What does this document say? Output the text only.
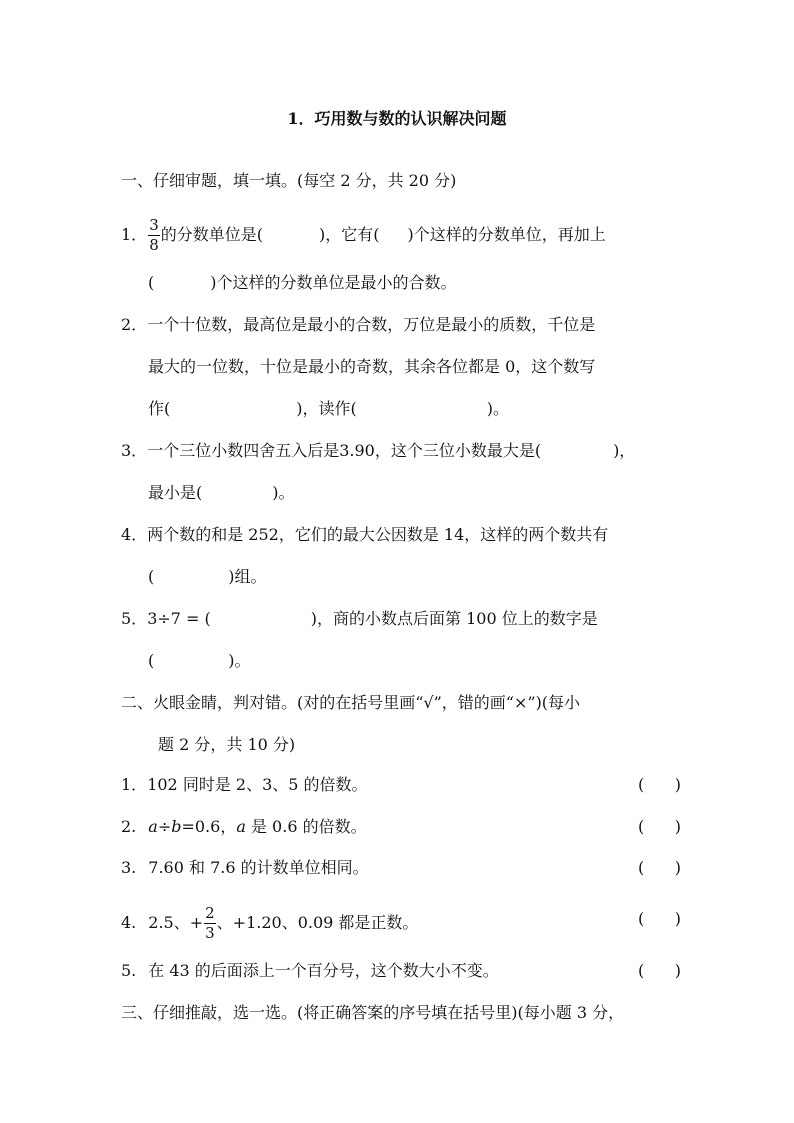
1．巧用数与数的认识解决问题
一、仔细审题，填一填。(每空 2 分，共 20 分)
1． $\frac{3}{8}$ 的分数单位是(	)，它有( )个这样的分数单位，再加上
(	)个这样的分数单位是最小的合数。
2．一个十位数，最高位是最小的合数，万位是最小的质数，千位是
最大的一位数，十位是最小的奇数，其余各位都是 0，这个数写
作(	)，读作(	)。
3．一个三位小数四舍五入后是3.90，这个三位小数最大是(	)，
最小是(	)。
4．两个数的和是 252，它们的最大公因数是 14，这样的两个数共有
(	)组。
5．3÷7 = (	)，商的小数点后面第 100 位上的数字是
(	)。
二、火眼金睛，判对错。(对的在括号里画“√”，错的画“×”)(每小
题 2 分，共 10 分)
1．102 同时是 2、3、5 的倍数。	(      )
2. a÷b=0.6，a 是 0.6 的倍数。	(      )
3. 7.60 和 7.6 的计数单位相同。	(      )
4. 2.5、+ $\frac{2}{3}$ 、+1.20、0.09 都是正数。	(      )
5. 在 43 的后面添上一个百分号，这个数大小不变。	(      )
三、仔细推敲，选一选。(将正确答案的序号填在括号里)(每小题 3 分，
